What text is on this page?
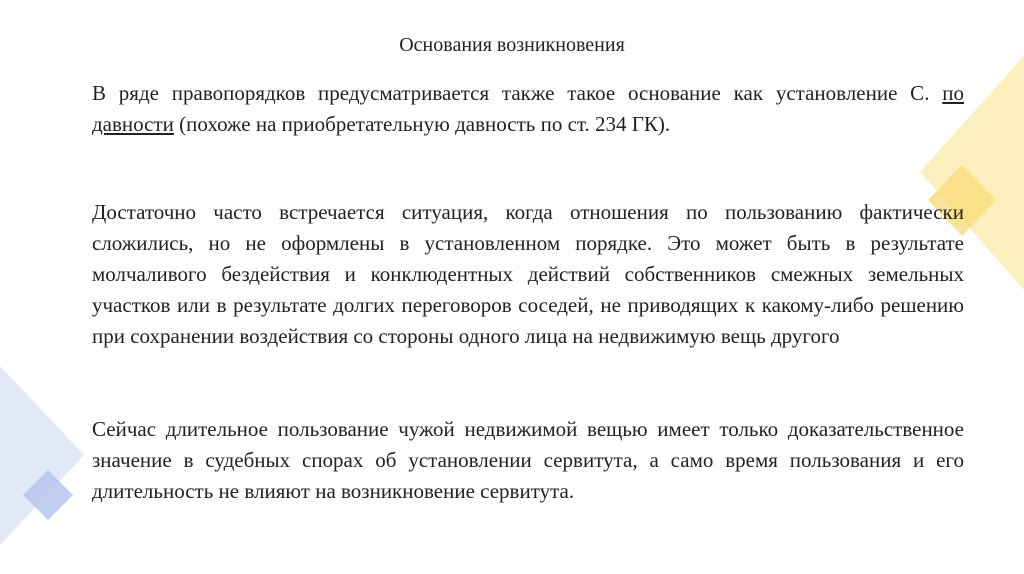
Основания возникновения

В ряде правопорядков предусматривается также такое основание как установление С. по давности (похоже на приобретательную давность по ст. 234 ГК).

Достаточно часто встречается ситуация, когда отношения по пользованию фактически сложились, но не оформлены в установленном порядке. Это может быть в результате молчаливого бездействия и конклюдентных действий собственников смежных земельных участков или в результате долгих переговоров соседей, не приводящих к какому-либо решению при сохранении воздействия со стороны одного лица на недвижимую вещь другого

Сейчас длительное пользование чужой недвижимой вещью имеет только доказательственное значение в судебных спорах об установлении сервитута, а само время пользования и его длительность не влияют на возникновение сервитута.
